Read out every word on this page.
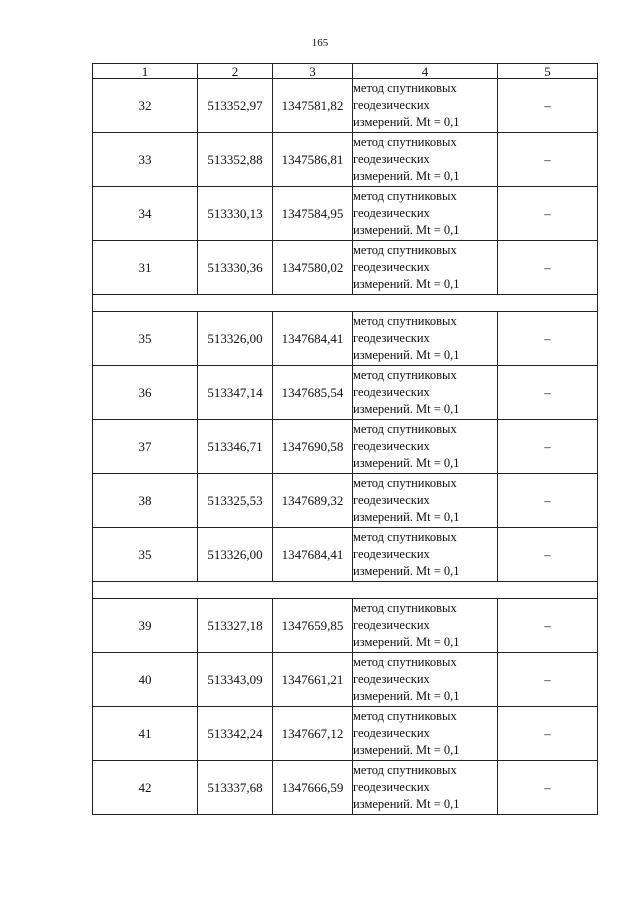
165
1	2	3	4	5
32	513352,97	1347581,82	метод спутниковых
геодезических
измерений. Mt = 0,1	–
33	513352,88	1347586,81	метод спутниковых
геодезических
измерений. Mt = 0,1	–
34	513330,13	1347584,95	метод спутниковых
геодезических
измерений. Mt = 0,1	–
31	513330,36	1347580,02	метод спутниковых
геодезических
измерений. Mt = 0,1	–

35	513326,00	1347684,41	метод спутниковых
геодезических
измерений. Mt = 0,1	–
36	513347,14	1347685,54	метод спутниковых
геодезических
измерений. Mt = 0,1	–
37	513346,71	1347690,58	метод спутниковых
геодезических
измерений. Mt = 0,1	–
38	513325,53	1347689,32	метод спутниковых
геодезических
измерений. Mt = 0,1	–
35	513326,00	1347684,41	метод спутниковых
геодезических
измерений. Mt = 0,1	–

39	513327,18	1347659,85	метод спутниковых
геодезических
измерений. Mt = 0,1	–
40	513343,09	1347661,21	метод спутниковых
геодезических
измерений. Mt = 0,1	–
41	513342,24	1347667,12	метод спутниковых
геодезических
измерений. Mt = 0,1	–
42	513337,68	1347666,59	метод спутниковых
геодезических
измерений. Mt = 0,1	–
